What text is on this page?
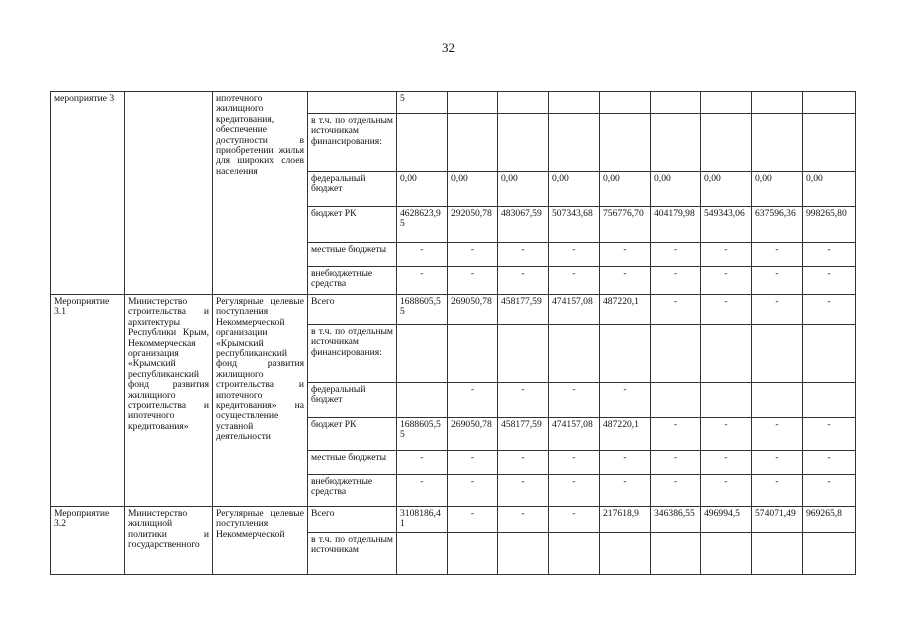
32
мероприятие 3		ипотечного жилищного кредитования, обеспечение доступности в приобретении жилья для широких слоев населения		5								
			в т.ч. по отдельным источникам финансирования:									
			федеральный бюджет	0,00	0,00	0,00	0,00	0,00	0,00	0,00	0,00	0,00
			бюджет РК	4628623,95	292050,78	483067,59	507343,68	756776,70	404179,98	549343,06	637596,36	998265,80
			местные бюджеты	-	-	-	-	-	-	-	-	-
			внебюджетные средства	-	-	-	-	-	-	-	-	-
Мероприятие 3.1	Министерство строительства и архитектуры Республики Крым, Некоммерческая организация «Крымский республиканский фонд развития жилищного строительства и ипотечного кредитования»	Регулярные целевые поступления Некоммерческой организации «Крымский республиканский фонд развития жилищного строительства и ипотечного кредитования» на осуществление уставной деятельности	Всего	1688605,55	269050,78	458177,59	474157,08	487220,1	-	-	-	-
			в т.ч. по отдельным источникам финансирования:									
			федеральный бюджет		-	-	-	-				
			бюджет РК	1688605,55	269050,78	458177,59	474157,08	487220,1	-	-	-	-
			местные бюджеты	-	-	-	-	-	-	-	-	-
			внебюджетные средства	-	-	-	-	-	-	-	-	-
Мероприятие 3.2	Министерство жилищной политики и государственного	Регулярные целевые поступления Некоммерческой	Всего	3108186,41	-	-	-	217618,9	346386,55	496994,5	574071,49	969265,8
			в т.ч. по отдельным источникам									
